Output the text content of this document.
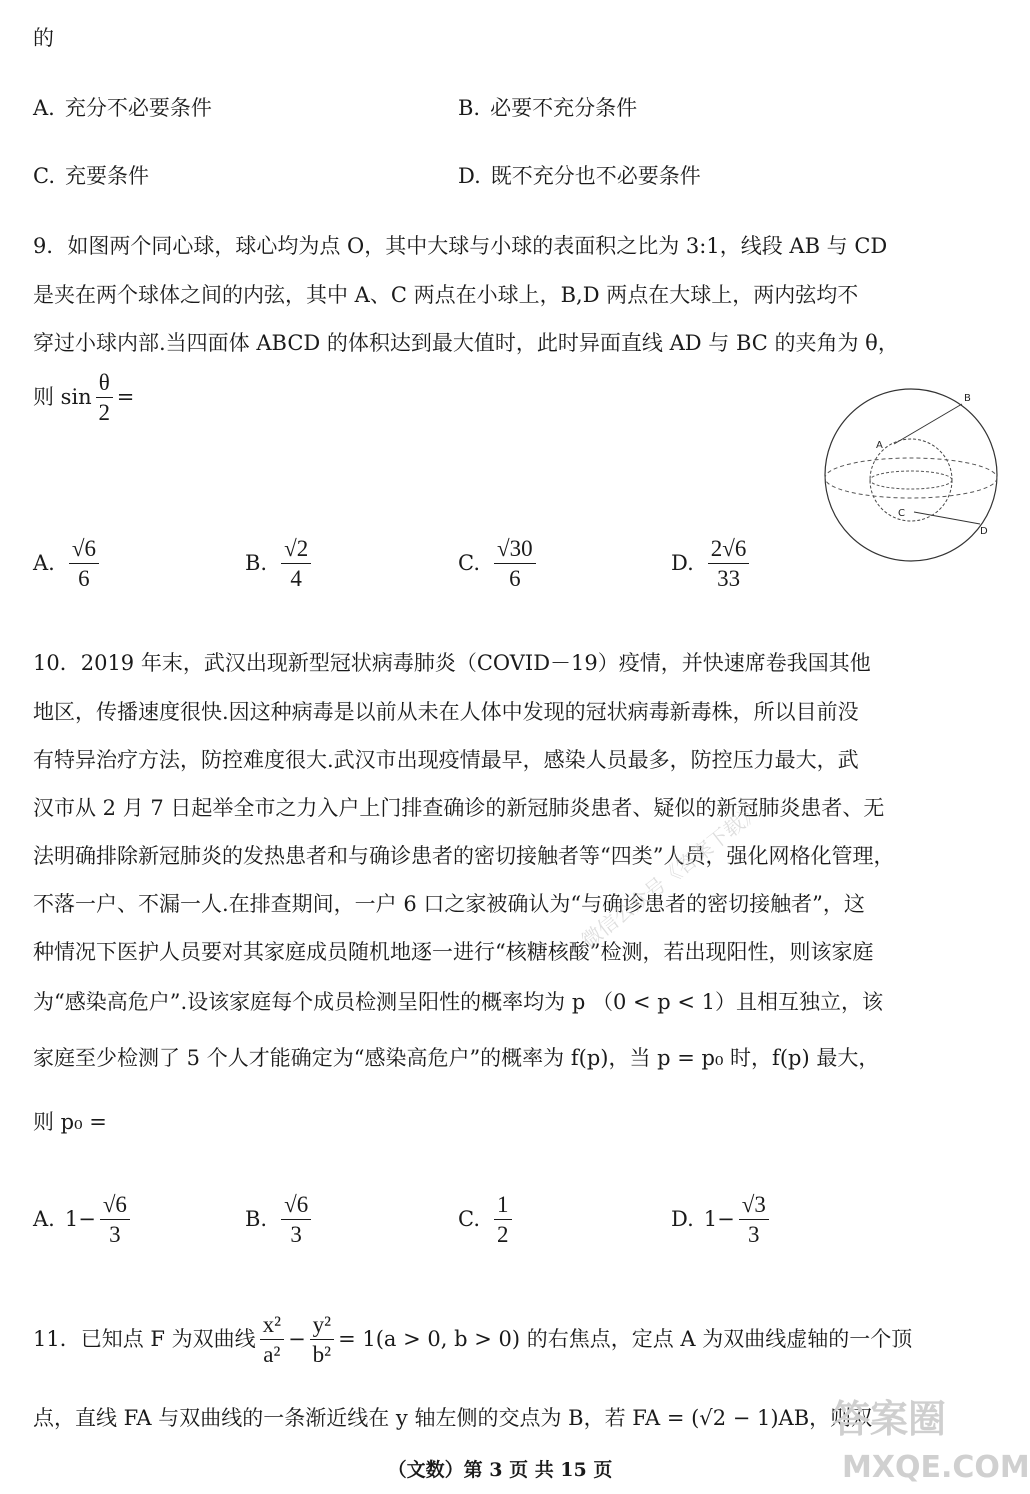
的
A. 充分不必要条件	B. 必要不充分条件
C. 充要条件	D. 既不充分也不必要条件
9．如图两个同心球，球心均为点 O，其中大球与小球的表面积之比为 3:1，线段 AB 与 CD
是夹在两个球体之间的内弦，其中 A、C 两点在小球上，B,D 两点在大球上，两内弦均不
穿过小球内部.当四面体 ABCD 的体积达到最大值时，此时异面直线 AD 与 BC 的夹角为 θ，
则 $\sin \frac{\theta}{2}$ =
A
B
C
D
A. $\frac{√6}{6}$	B. $\frac{√2}{4}$	C. $\frac{√30}{6}$	D. $\frac{2√6}{33}$
10．2019 年末，武汉出现新型冠状病毒肺炎（COVID－19）疫情，并快速席卷我国其他
地区，传播速度很快.因这种病毒是以前从未在人体中发现的冠状病毒新毒株，所以目前没
有特异治疗方法，防控难度很大.武汉市出现疫情最早，感染人员最多，防控压力最大，武
汉市从 2 月 7 日起举全市之力入户上门排查确诊的新冠肺炎患者、疑似的新冠肺炎患者、无
法明确排除新冠肺炎的发热患者和与确诊患者的密切接触者等“四类”人员，强化网格化管理，
不落一户、不漏一人.在排查期间，一户 6 口之家被确认为“与确诊患者的密切接触者”，这
种情况下医护人员要对其家庭成员随机地逐一进行“核糖核酸”检测，若出现阳性，则该家庭
为“感染高危户”.设该家庭每个成员检测呈阳性的概率均为 p （0 < p < 1）且相互独立，该
家庭至少检测了 5 个人才能确定为“感染高危户”的概率为 f(p)，当 p = p₀ 时，f(p) 最大，
则 p₀ =
微信公众号《答案下载》
A. $1- \frac{√6}{3}$	B. $\frac{√6}{3}$	C. $\frac{1}{2}$	D. $1- \frac{√3}{3}$
11．已知点 F 为双曲线 $\frac{\text{x²}}{\text{a²}} - \frac{\text{y²}}{\text{b²}} = 1(a > 0$, b > 0) 的右焦点，定点 A 为双曲线虚轴的一个顶
点，直线 FA 与双曲线的一条渐近线在 y 轴左侧的交点为 B，若 FA = (√2 − 1)AB，则双
（文数）第 3 页 共 15 页
答案圈
MXQE.COM
